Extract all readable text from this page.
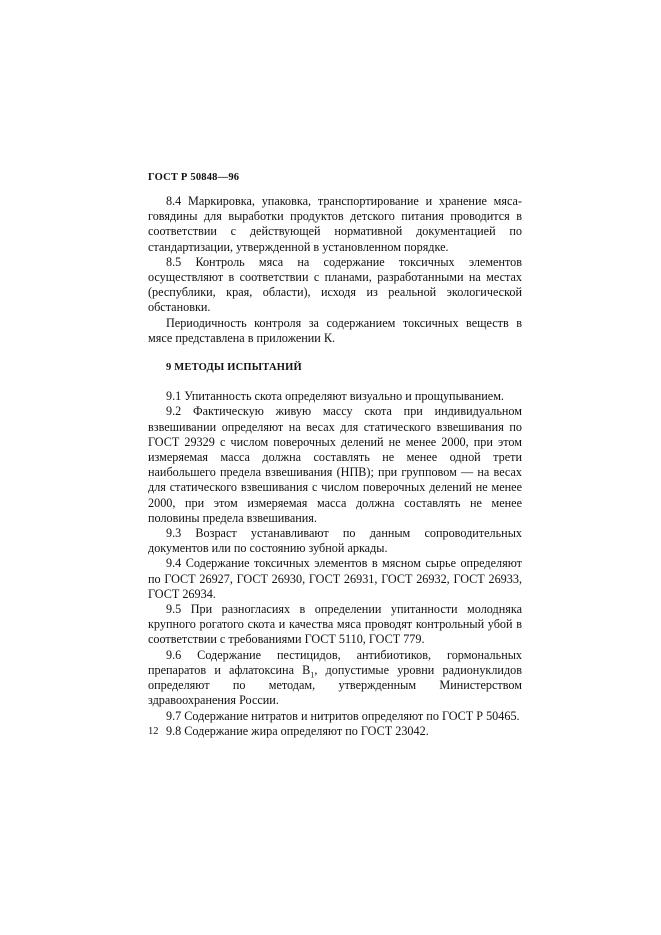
ГОСТ Р 50848—96

8.4 Маркировка, упаковка, транспортирование и хранение мяса-говядины для выработки продуктов детского питания проводится в соответствии с действующей нормативной документацией по стандартизации, утвержденной в установленном порядке.

8.5 Контроль мяса на содержание токсичных элементов осуществляют в соответствии с планами, разработанными на местах (республики, края, области), исходя из реальной экологической обстановки.

Периодичность контроля за содержанием токсичных веществ в мясе представлена в приложении К.

9 МЕТОДЫ ИСПЫТАНИЙ

9.1 Упитанность скота определяют визуально и прощупыванием.

9.2 Фактическую живую массу скота при индивидуальном взвешивании определяют на весах для статического взвешивания по ГОСТ 29329 с числом поверочных делений не менее 2000, при этом измеряемая масса должна составлять не менее одной трети наибольшего предела взвешивания (НПВ); при групповом — на весах для статического взвешивания с числом поверочных делений не менее 2000, при этом измеряемая масса должна составлять не менее половины предела взвешивания.

9.3 Возраст устанавливают по данным сопроводительных документов или по состоянию зубной аркады.

9.4 Содержание токсичных элементов в мясном сырье определяют по ГОСТ 26927, ГОСТ 26930, ГОСТ 26931, ГОСТ 26932, ГОСТ 26933, ГОСТ 26934.

9.5 При разногласиях в определении упитанности молодняка крупного рогатого скота и качества мяса проводят контрольный убой в соответствии с требованиями ГОСТ 5110, ГОСТ 779.

9.6 Содержание пестицидов, антибиотиков, гормональных препаратов и афлатоксина $B_1$, допустимые уровни радионуклидов определяют по методам, утвержденным Министерством здравоохранения России.

9.7 Содержание нитратов и нитритов определяют по ГОСТ Р 50465.

9.8 Содержание жира определяют по ГОСТ 23042.

12
